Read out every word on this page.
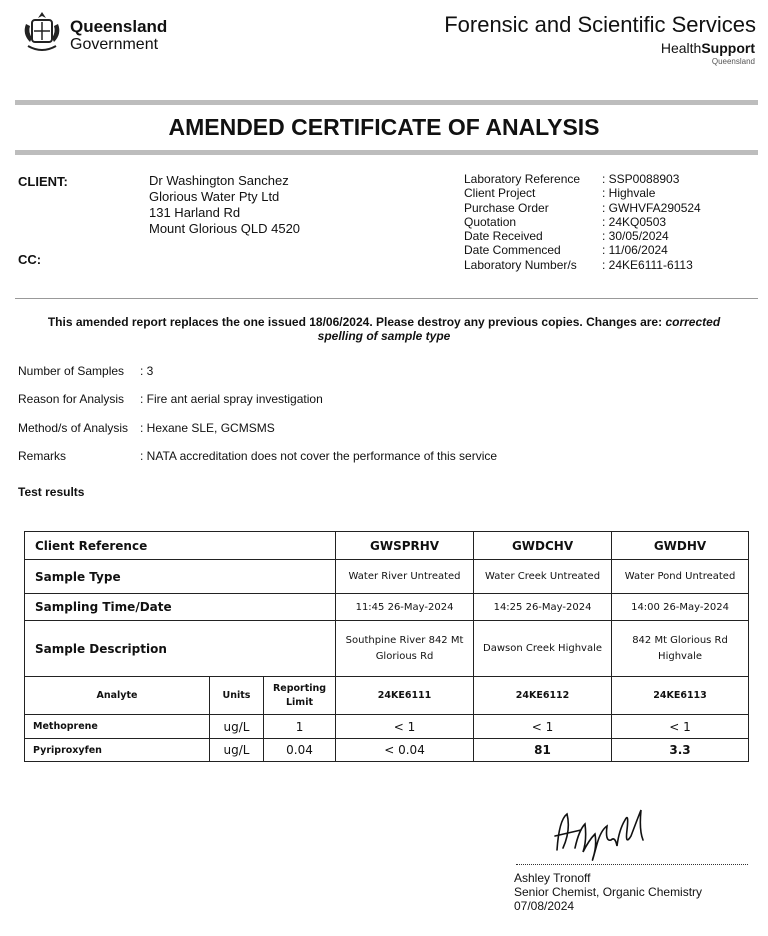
Queensland
Government
Forensic and Scientific Services
HealthSupport
Queensland
AMENDED CERTIFICATE OF ANALYSIS
CLIENT:	Dr Washington Sanchez
Glorious Water Pty Ltd
131 Harland Rd
Mount Glorious QLD 4520
CC:
Laboratory Reference : SSP0088903
Client Project	: Highvale
Purchase Order	: GWHVFA290524
Quotation	: 24KQ0503
Date Received	: 30/05/2024
Date Commenced	: 11/06/2024
Laboratory Number/s : 24KE6111-6113
This amended report replaces the one issued 18/06/2024. Please destroy any previous copies. Changes are: corrected
spelling of sample type
Number of Samples : 3
Reason for Analysis : Fire ant aerial spray investigation
Method/s of Analysis : Hexane SLE, GCMSMS
Remarks	: NATA accreditation does not cover the performance of this service
Test results
Client Reference			GWSPRHV	GWDCHV	GWDHV
Sample Type			Water River Untreated	Water Creek Untreated	Water Pond Untreated
Sampling Time/Date			11:45 26-May-2024	14:25 26-May-2024	14:00 26-May-2024
Sample Description			Southpine River 842 Mt Glorious Rd	Dawson Creek Highvale	842 Mt Glorious Rd Highvale
Analyte	Units	Reporting Limit	24KE6111	24KE6112	24KE6113
Methoprene	ug/L	1	< 1	< 1	< 1
Pyriproxyfen	ug/L	0.04	< 0.04	81	3.3
Ashley Tronoff
Senior Chemist, Organic Chemistry
07/08/2024
